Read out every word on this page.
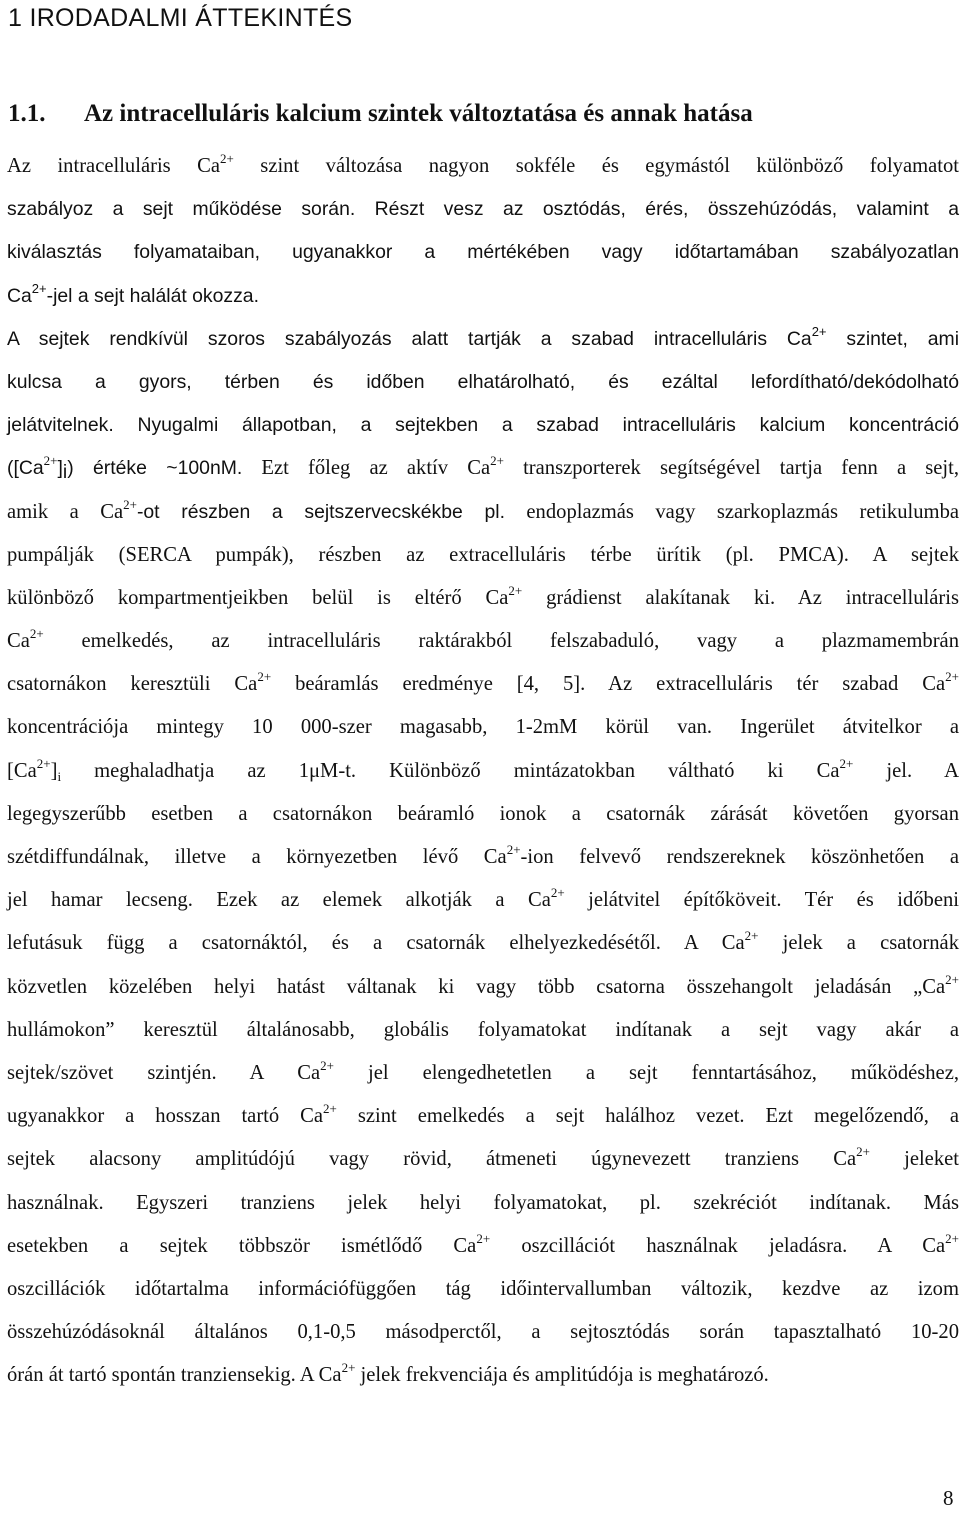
1 IRODADALMI ÁTTEKINTÉS
1.1. Az intracelluláris kalcium szintek változtatása és annak hatása
Az intracelluláris $Ca^{2+}$ szint változása nagyon sokféle és egymástól különböző folyamatot
szabályoz a sejt működése során. Részt vesz az osztódás, érés, összehúzódás, valamint a
kiválasztás folyamataiban, ugyanakkor a mértékében vagy időtartamában szabályozatlan
$Ca^{2+}$-jel a sejt halálát okozza.
A sejtek rendkívül szoros szabályozás alatt tartják a szabad intracelluláris $Ca^{2+}$ szintet, ami
kulcsa a gyors, térben és időben elhatárolható, és ezáltal lefordítható/dekódolható
jelátvitelnek. Nyugalmi állapotban, a sejtekben a szabad intracelluláris kalcium koncentráció
$([Ca^{2+}]_i)$ értéke ~100nM. Ezt főleg az aktív $Ca^{2+}$ transzporterek segítségével tartja fenn a sejt,
amik a $Ca^{2+}-ot$ részben a sejtszervecskékbe pl. endoplazmás vagy szarkoplazmás retikulumba
pumpálják (SERCA pumpák), részben az extracelluláris térbe ürítik (pl. PMCA). A sejtek
különböző kompartmentjeikben belül is eltérő $Ca^{2+}$ grádienst alakítanak ki. Az intracelluláris
$Ca^{2+}$ emelkedés, az intracelluláris raktárakból felszabaduló, vagy a plazmamembrán
csatornákon keresztüli $Ca^{2+}$ beáramlás eredménye [4, 5]. Az extracelluláris tér szabad $Ca^{2+}$
koncentrációja mintegy 10 000-szer magasabb, 1-2mM körül van. Ingerület átvitelkor a
$[Ca^{2+}]_i$ meghaladhatja az 1μM-t. Különböző mintázatokban váltható ki $Ca^{2+}$ jel. A
legegyszerűbb esetben a csatornákon beáramló ionok a csatornák zárását követően gyorsan
szétdiffundálnak, illetve a környezetben lévő $Ca^{2+}$-ion felvevő rendszereknek köszönhetően a
jel hamar lecseng. Ezek az elemek alkotják a $Ca^{2+}$ jelátvitel építőköveit. Tér és időbeni
lefutásuk függ a csatornáktól, és a csatornák elhelyezkedésétől. A $Ca^{2+}$ jelek a csatornák
közvetlen közelében helyi hatást váltanak ki vagy több csatorna összehangolt jeladásán $„Ca^{2+}$
hullámokon” keresztül általánosabb, globális folyamatokat indítanak a sejt vagy akár a
sejtek/szövet szintjén. A $Ca^{2+}$ jel elengedhetetlen a sejt fenntartásához, működéshez,
ugyanakkor a hosszan tartó $Ca^{2+}$ szint emelkedés a sejt halálhoz vezet. Ezt megelőzendő, a
sejtek alacsony amplitúdójú vagy rövid, átmeneti úgynevezett tranziens $Ca^{2+}$ jeleket
használnak. Egyszeri tranziens jelek helyi folyamatokat, pl. szekréciót indítanak. Más
esetekben a sejtek többször ismétlődő $Ca^{2+}$ oszcillációt használnak jeladásra. A $Ca^{2+}$
oszcillációk időtartalma információfüggően tág időintervallumban változik, kezdve az izom
összehúzódásoknál általános 0,1-0,5 másodperctől, a sejtosztódás során tapasztalható 10-20
órán át tartó spontán tranziensekig. A $Ca^{2+}$ jelek frekvenciája és amplitúdója is meghatározó.

8
